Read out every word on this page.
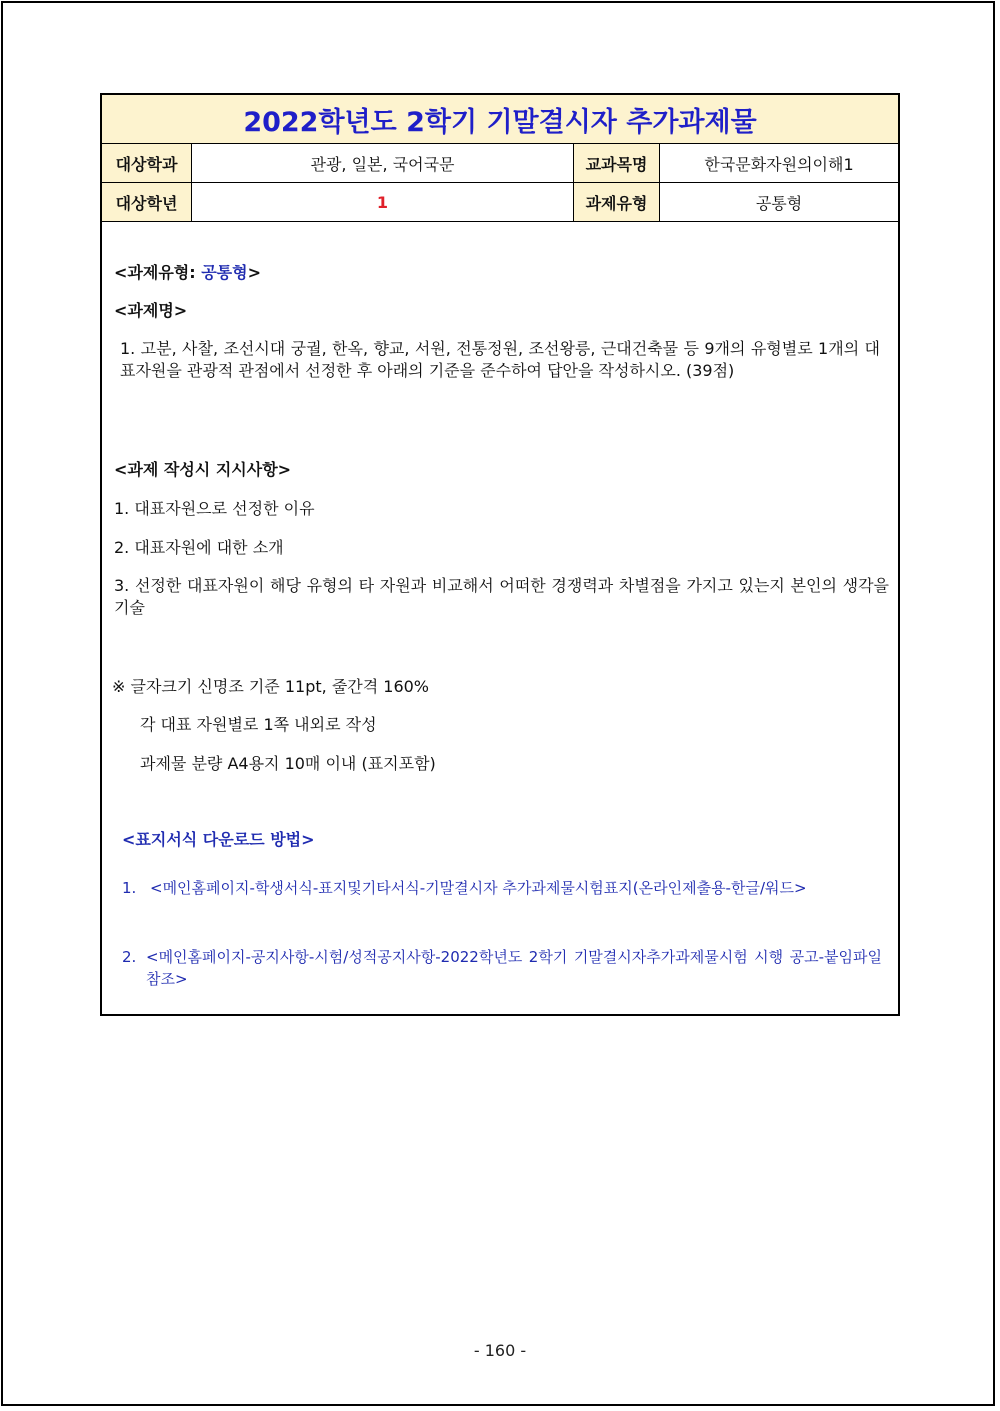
2022학년도 2학기 기말결시자 추가과제물
대상학과	관광, 일본, 국어국문	교과목명	한국문화자원의이해1
대상학년	1	과제유형	공통형
<과제유형: 공통형>
<과제명>
1. 고분, 사찰, 조선시대 궁궐, 한옥, 향교, 서원, 전통정원, 조선왕릉, 근대건축물 등 9개의 유형별로 1개의 대표자원을 관광적 관점에서 선정한 후 아래의 기준을 준수하여 답안을 작성하시오. (39점)
<과제 작성시 지시사항>
1. 대표자원으로 선정한 이유
2. 대표자원에 대한 소개
3. 선정한 대표자원이 해당 유형의 타 자원과 비교해서 어떠한 경쟁력과 차별점을 가지고 있는지 본인의 생각을 기술
※ 글자크기 신명조 기준 11pt, 줄간격 160%
각 대표 자원별로 1쪽 내외로 작성
과제물 분량 A4용지 10매 이내 (표지포함)
<표지서식 다운로드 방법>
1. <메인홈페이지-학생서식-표지및기타서식-기말결시자 추가과제물시험표지(온라인제출용-한글/워드>
2. <메인홈페이지-공지사항-시험/성적공지사항-2022학년도 2학기 기말결시자추가과제물시험 시행 공고-붙임파일 참조>
- 160 -
